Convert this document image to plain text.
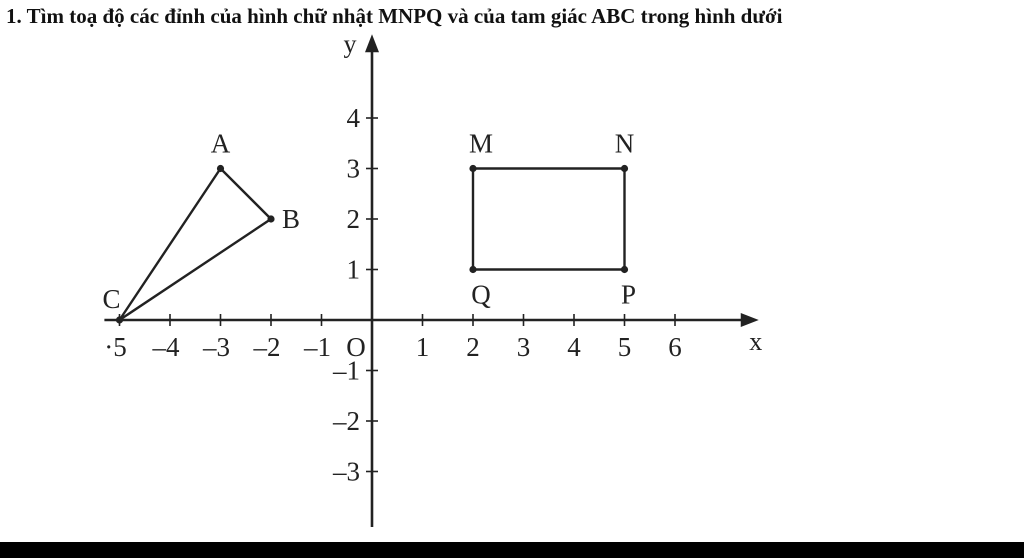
1. Tìm toạ độ các đỉnh của hình chữ nhật MNPQ và của tam giác ABC trong hình dưới
x
y
O
·5 –4 –3 –2 –1	1 2 3 4 5 6
4
3
2
1
–1
–2
–3
A
B
C
M	N
P
Q
